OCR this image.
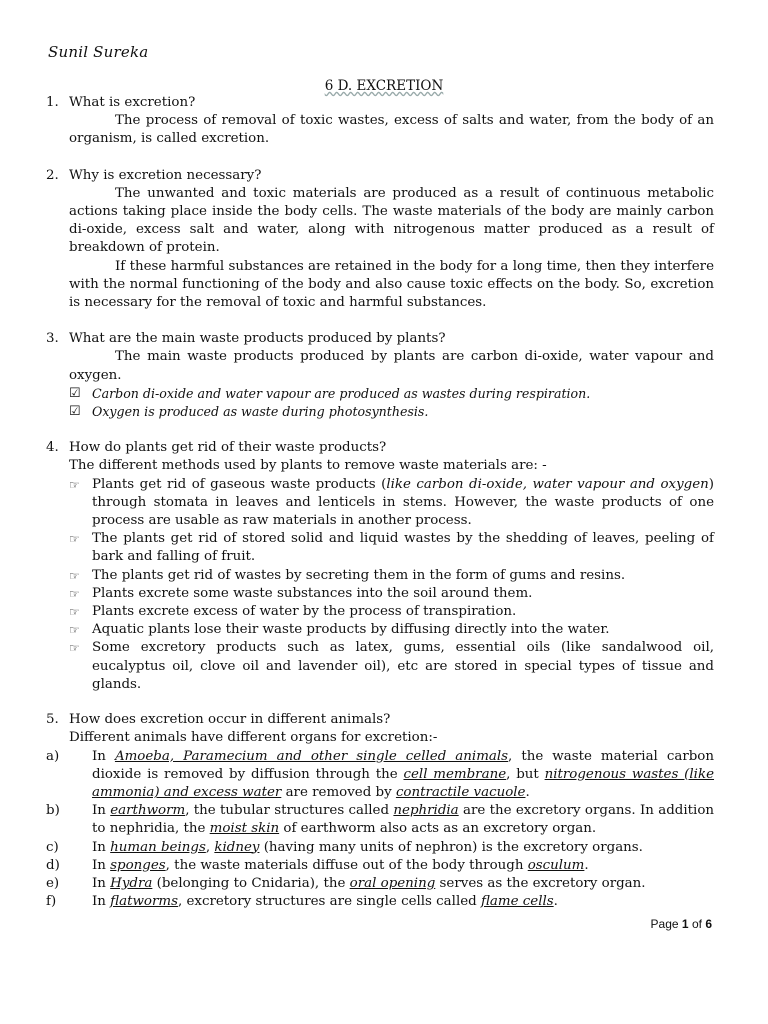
Sunil Sureka
6 D. EXCRETION

1. What is excretion?

The process of removal of toxic wastes, excess of salts and water, from the body of an organism, is called excretion.

2. Why is excretion necessary?

The unwanted and toxic materials are produced as a result of continuous metabolic actions taking place inside the body cells. The waste materials of the body are mainly carbon di-oxide, excess salt and water, along with nitrogenous matter produced as a result of breakdown of protein.

If these harmful substances are retained in the body for a long time, then they interfere with the normal functioning of the body and also cause toxic effects on the body. So, excretion is necessary for the removal of toxic and harmful substances.

3. What are the main waste products produced by plants?

The main waste products produced by plants are carbon di-oxide, water vapour and oxygen.

☑ Carbon di-oxide and water vapour are produced as wastes during respiration.
☑ Oxygen is produced as waste during photosynthesis.

4. How do plants get rid of their waste products?

The different methods used by plants to remove waste materials are: -

☞ Plants get rid of gaseous waste products (like carbon di-oxide, water vapour and oxygen) through stomata in leaves and lenticels in stems. However, the waste products of one process are usable as raw materials in another process.
☞ The plants get rid of stored solid and liquid wastes by the shedding of leaves, peeling of bark and falling of fruit.
☞ The plants get rid of wastes by secreting them in the form of gums and resins.
☞ Plants excrete some waste substances into the soil around them.
☞ Plants excrete excess of water by the process of transpiration.
☞ Aquatic plants lose their waste products by diffusing directly into the water.
☞ Some excretory products such as latex, gums, essential oils (like sandalwood oil, eucalyptus oil, clove oil and lavender oil), etc are stored in special types of tissue and glands.

5. How does excretion occur in different animals?

Different animals have different organs for excretion:-

a) In Amoeba, Paramecium and other single celled animals, the waste material carbon dioxide is removed by diffusion through the cell membrane, but nitrogenous wastes (like ammonia) and excess water are removed by contractile vacuole.
b) In earthworm, the tubular structures called nephridia are the excretory organs. In addition to nephridia, the moist skin of earthworm also acts as an excretory organ.
c) In human beings, kidney (having many units of nephron) is the excretory organs.
d) In sponges, the waste materials diffuse out of the body through osculum.
e) In Hydra (belonging to Cnidaria), the oral opening serves as the excretory organ.
f)	In flatworms, excretory structures are single cells called flame cells.
Page 1 of 6
